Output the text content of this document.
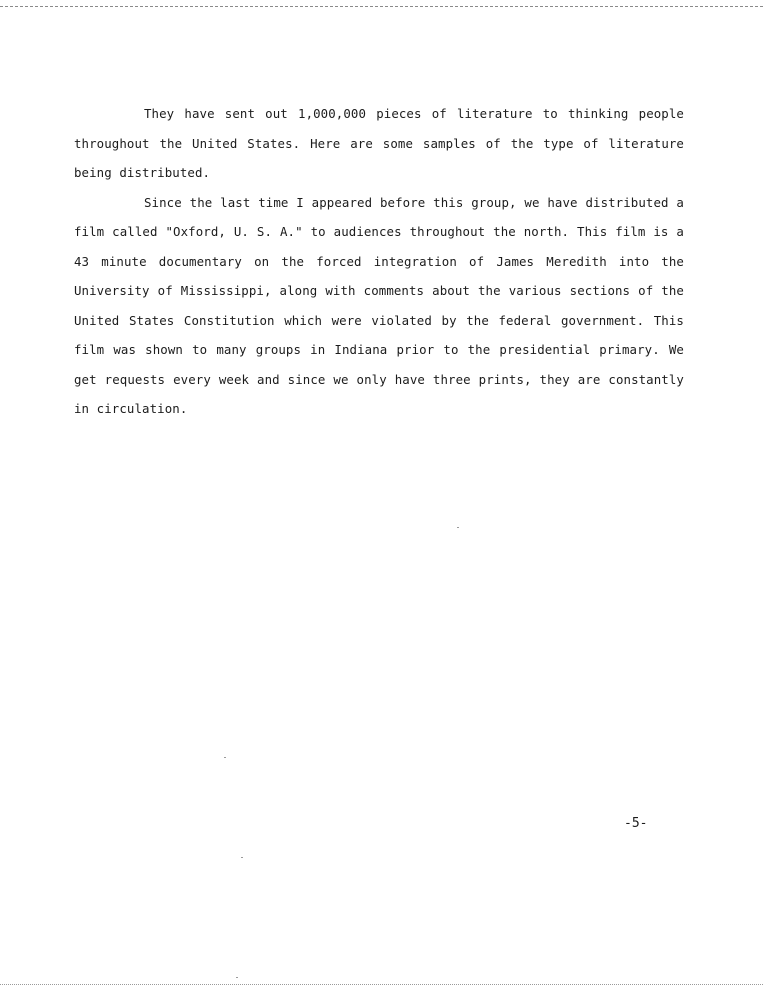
They have sent out 1,000,000 pieces of literature to thinking people throughout the United States. Here are some samples of the type of literature being distributed.

Since the last time I appeared before this group, we have distributed a film called "Oxford, U. S. A." to audiences throughout the north. This film is a 43 minute documentary on the forced integration of James Meredith into the University of Mississippi, along with comments about the various sections of the United States Constitution which were violated by the federal government. This film was shown to many groups in Indiana prior to the presidential primary. We get requests every week and since we only have three prints, they are constantly in circulation.

-5-
